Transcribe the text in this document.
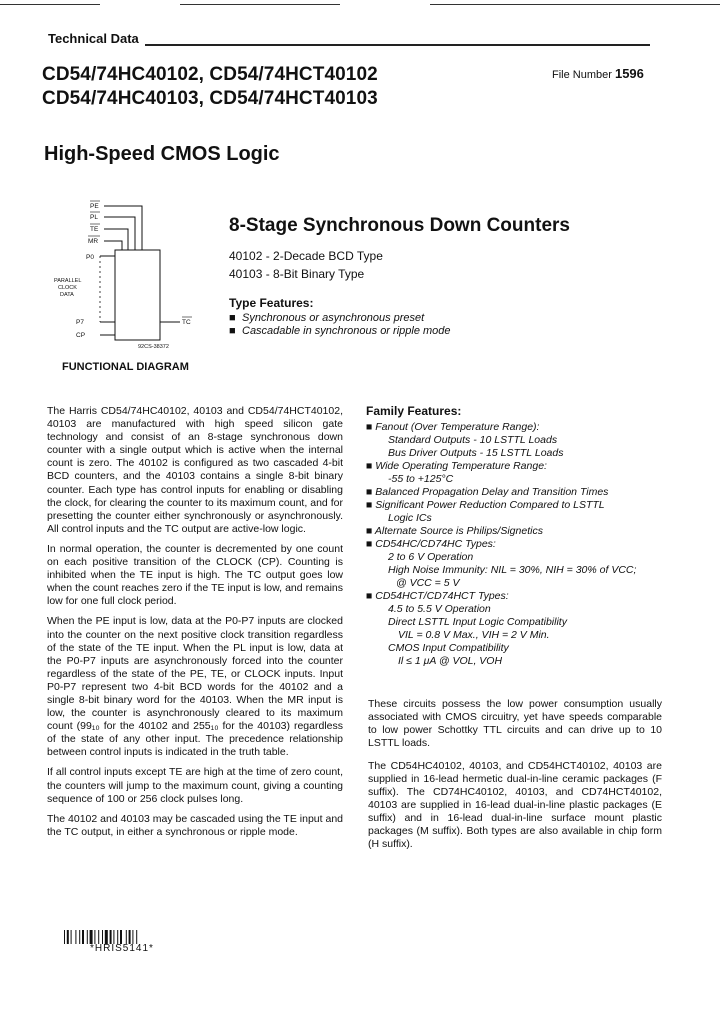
Technical Data
CD54/74HC40102, CD54/74HCT40102
CD54/74HC40103, CD54/74HCT40103
File Number 1596
High-Speed CMOS Logic
8-Stage Synchronous Down Counters
40102 - 2-Decade BCD Type
40103 - 8-Bit Binary Type
Type Features:
■ Synchronous or asynchronous preset
■ Cascadable in synchronous or ripple mode
PE
PL
TE
MR
P0
P7
CP
TC
PARALLEL
CLOCK
DATA
92CS-38372
FUNCTIONAL DIAGRAM

The Harris CD54/74HC40102, 40103 and CD54/74HCT40102, 40103 are manufactured with high speed silicon gate technology and consist of an 8-stage synchronous down counter with a single output which is active when the internal count is zero. The 40102 is configured as two cascaded 4-bit BCD counters, and the 40103 contains a single 8-bit binary counter. Each type has control inputs for enabling or disabling the clock, for clearing the counter to its maximum count, and for presetting the counter either synchronously or asynchronously. All control inputs and the TC output are active-low logic.

In normal operation, the counter is decremented by one count on each positive transition of the CLOCK (CP). Counting is inhibited when the TE input is high. The TC output goes low when the count reaches zero if the TE input is low, and remains low for one full clock period.

When the PE input is low, data at the P0-P7 inputs are clocked into the counter on the next positive clock transition regardless of the state of the TE input. When the PL input is low, data at the P0-P7 inputs are asynchronously forced into the counter regardless of the state of the PE, TE, or CLOCK inputs. Input P0-P7 represent two 4-bit BCD words for the 40102 and a single 8-bit binary word for the 40103. When the MR input is low, the counter is asynchronously cleared to its maximum count (99₁₀ for the 40102 and 255₁₀ for the 40103) regardless of the state of any other input. The precedence relationship between control inputs is indicated in the truth table.

If all control inputs except TE are high at the time of zero count, the counters will jump to the maximum count, giving a counting sequence of 100 or 256 clock pulses long.

The 40102 and 40103 may be cascaded using the TE input and the TC output, in either a synchronous or ripple mode.

Family Features:
■ Fanout (Over Temperature Range):
Standard Outputs - 10 LSTTL Loads
Bus Driver Outputs - 15 LSTTL Loads
■ Wide Operating Temperature Range:
-55 to +125°C
■ Balanced Propagation Delay and Transition Times
■ Significant Power Reduction Compared to LSTTL
Logic ICs
■ Alternate Source is Philips/Signetics
■ CD54HC/CD74HC Types:
2 to 6 V Operation
High Noise Immunity: NIL = 30%, NIH = 30% of VCC;
@ VCC = 5 V
■ CD54HCT/CD74HCT Types:
4.5 to 5.5 V Operation
Direct LSTTL Input Logic Compatibility
VIL = 0.8 V Max., VIH = 2 V Min.
CMOS Input Compatibility
Il ≤ 1 μA @ VOL, VOH

These circuits possess the low power consumption usually associated with CMOS circuitry, yet have speeds comparable to low power Schottky TTL circuits and can drive up to 10 LSTTL loads.

The CD54HC40102, 40103, and CD54HCT40102, 40103 are supplied in 16-lead hermetic dual-in-line ceramic packages (F suffix). The CD74HC40102, 40103, and CD74HCT40102, 40103 are supplied in 16-lead dual-in-line plastic packages (E suffix) and in 16-lead dual-in-line surface mount plastic packages (M suffix). Both types are also available in chip form (H suffix).

*HRIS5141*
